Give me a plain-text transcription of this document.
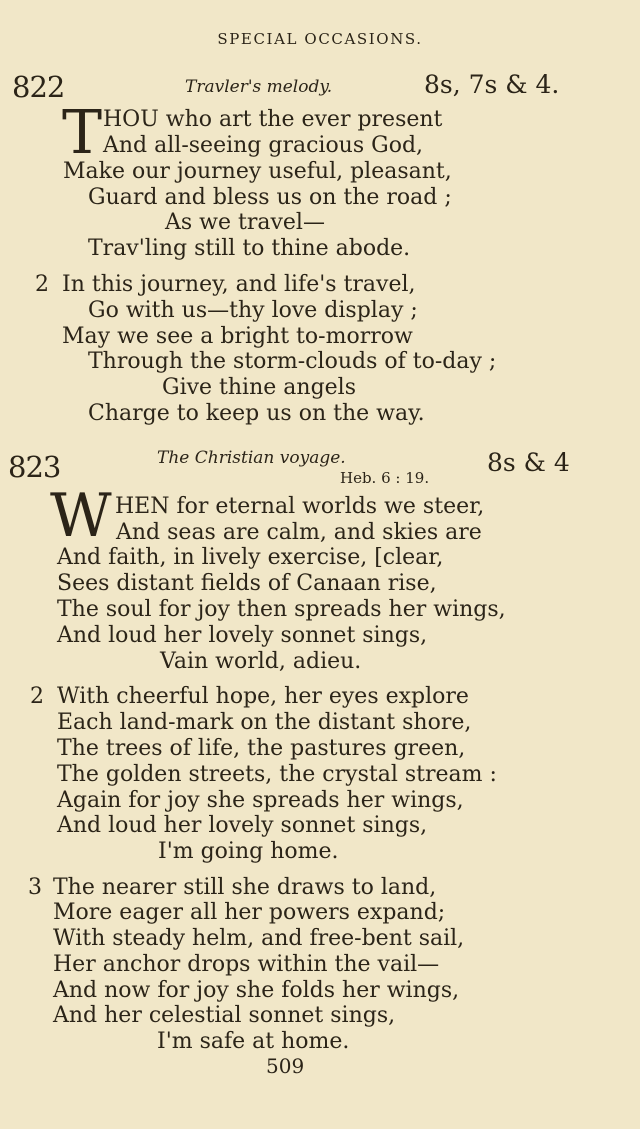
SPECIAL OCCASIONS.
822	Travler's melody.	8s, 7s & 4.
T HOU who art the ever present
And all-seeing gracious God,
Make our journey useful, pleasant,
Guard and bless us on the road ;
As we travel—
Trav'ling still to thine abode.
2 In this journey, and life's travel,
Go with us—thy love display ;
May we see a bright to-morrow
Through the storm-clouds of to-day ;
Give thine angels
Charge to keep us on the way.
823	The Christian voyage.
Heb. 6 : 19.
8s & 4
W HEN for eternal worlds we steer,
And seas are calm, and skies are
And faith, in lively exercise, [clear,
Sees distant fields of Canaan rise,
The soul for joy then spreads her wings,
And loud her lovely sonnet sings,
Vain world, adieu.
2 With cheerful hope, her eyes explore
Each land-mark on the distant shore,
The trees of life, the pastures green,
The golden streets, the crystal stream :
Again for joy she spreads her wings,
And loud her lovely sonnet sings,
I'm going home.
3 The nearer still she draws to land,
More eager all her powers expand;
With steady helm, and free-bent sail,
Her anchor drops within the vail—
And now for joy she folds her wings,
And her celestial sonnet sings,
I'm safe at home.
509
